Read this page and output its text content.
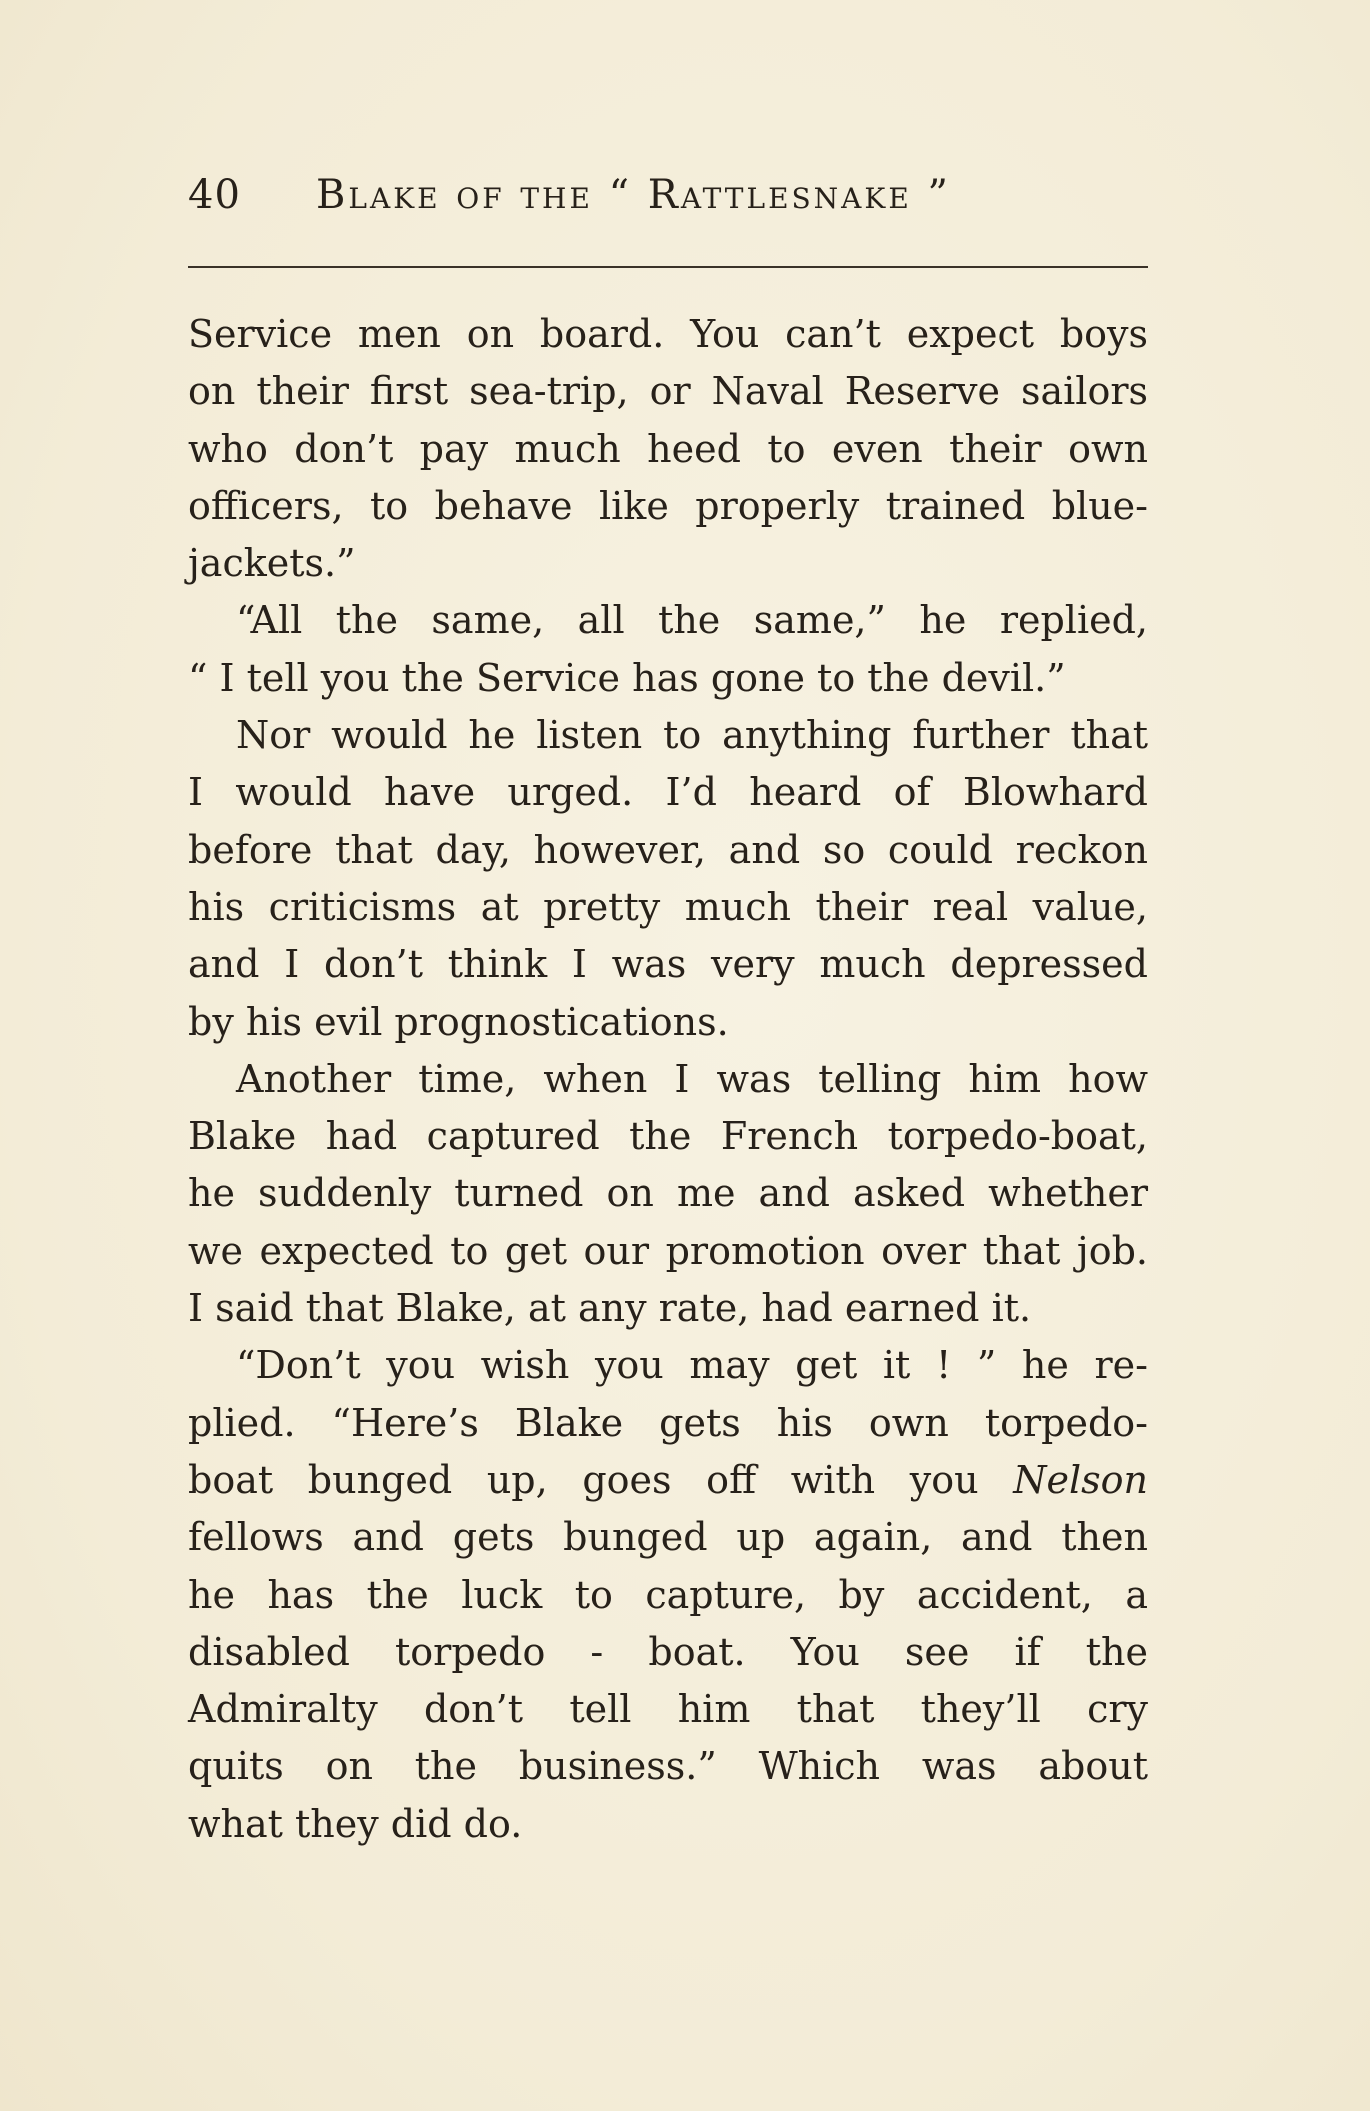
40 Blake of the “ Rattlesnake ”
Service men on board. You can’t expect boys
on their first sea-trip, or Naval Reserve sailors
who don’t pay much heed to even their own
officers, to behave like properly trained blue-
jackets.”
“All the same, all the same,” he replied,
“ I tell you the Service has gone to the devil.”
Nor would he listen to anything further that
I would have urged. I’d heard of Blowhard
before that day, however, and so could reckon
his criticisms at pretty much their real value,
and I don’t think I was very much depressed
by his evil prognostications.
Another time, when I was telling him how
Blake had captured the French torpedo-boat,
he suddenly turned on me and asked whether
we expected to get our promotion over that job.
I said that Blake, at any rate, had earned it.
“Don’t you wish you may get it ! ” he re-
plied. “Here’s Blake gets his own torpedo-
boat bunged up, goes off with you Nelson
fellows and gets bunged up again, and then
he has the luck to capture, by accident, a
disabled torpedo - boat. You see if the
Admiralty don’t tell him that they’ll cry
quits on the business.” Which was about
what they did do.
